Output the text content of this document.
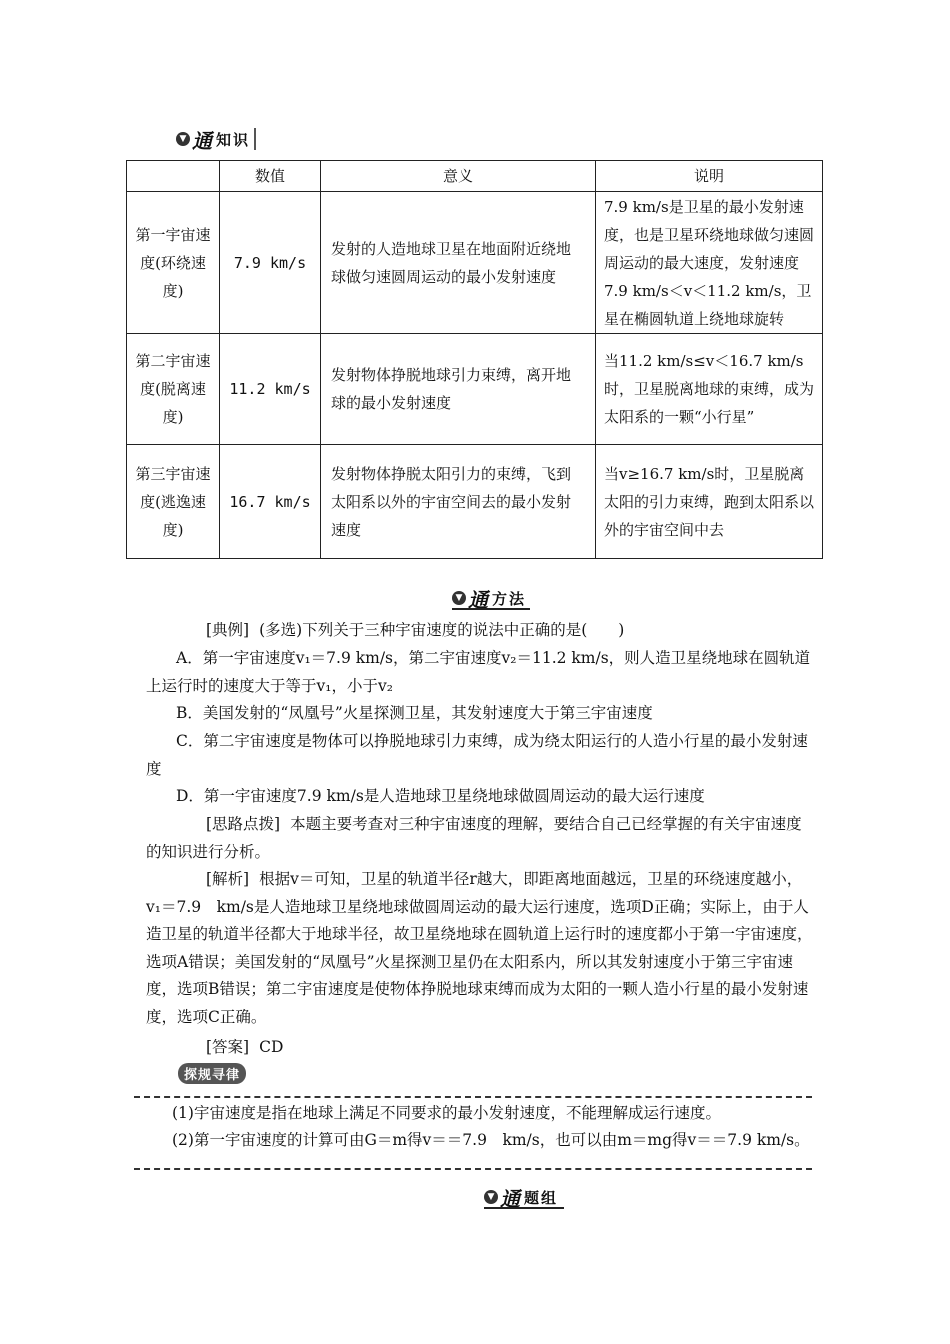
▼ 通 知识
	数值	意义	说明
第一宇宙速度(环绕速度)	7.9 km/s	发射的人造地球卫星在地面附近绕地球做匀速圆周运动的最小发射速度	7.9 km/s是卫星的最小发射速度，也是卫星环绕地球做匀速圆周运动的最大速度，发射速度7.9 km/s＜v＜11.2 km/s，卫星在椭圆轨道上绕地球旋转
第二宇宙速度(脱离速度)	11.2 km/s	发射物体挣脱地球引力束缚，离开地球的最小发射速度	当11.2 km/s≤v＜16.7 km/s时，卫星脱离地球的束缚，成为太阳系的一颗“小行星”
第三宇宙速度(逃逸速度)	16.7 km/s	发射物体挣脱太阳引力的束缚，飞到太阳系以外的宇宙空间去的最小发射速度	当v≥16.7 km/s时，卫星脱离太阳的引力束缚，跑到太阳系以外的宇宙空间中去
▼ 通 方法
[典例] (多选)下列关于三种宇宙速度的说法中正确的是(　　)
A．第一宇宙速度v₁＝7.9 km/s，第二宇宙速度v₂＝11.2 km/s，则人造卫星绕地球在圆轨道上运行时的速度大于等于v₁，小于v₂
B．美国发射的“凤凰号”火星探测卫星，其发射速度大于第三宇宙速度
C．第二宇宙速度是物体可以挣脱地球引力束缚，成为绕太阳运行的人造小行星的最小发射速度
D．第一宇宙速度7.9 km/s是人造地球卫星绕地球做圆周运动的最大运行速度
[思路点拨] 本题主要考查对三种宇宙速度的理解，要结合自己已经掌握的有关宇宙速度的知识进行分析。
[解析] 根据v＝可知，卫星的轨道半径r越大，即距离地面越远，卫星的环绕速度越小，v₁＝7.9　km/s是人造地球卫星绕地球做圆周运动的最大运行速度，选项D正确；实际上，由于人造卫星的轨道半径都大于地球半径，故卫星绕地球在圆轨道上运行时的速度都小于第一宇宙速度，选项A错误；美国发射的“凤凰号”火星探测卫星仍在太阳系内，所以其发射速度小于第三宇宙速度，选项B错误；第二宇宙速度是使物体挣脱地球束缚而成为太阳的一颗人造小行星的最小发射速度，选项C正确。
[答案] CD
探规寻律
(1)宇宙速度是指在地球上满足不同要求的最小发射速度，不能理解成运行速度。
(2)第一宇宙速度的计算可由G＝m得v＝＝7.9　km/s，也可以由m＝mg得v＝＝7.9 km/s。
▼ 通 题组
